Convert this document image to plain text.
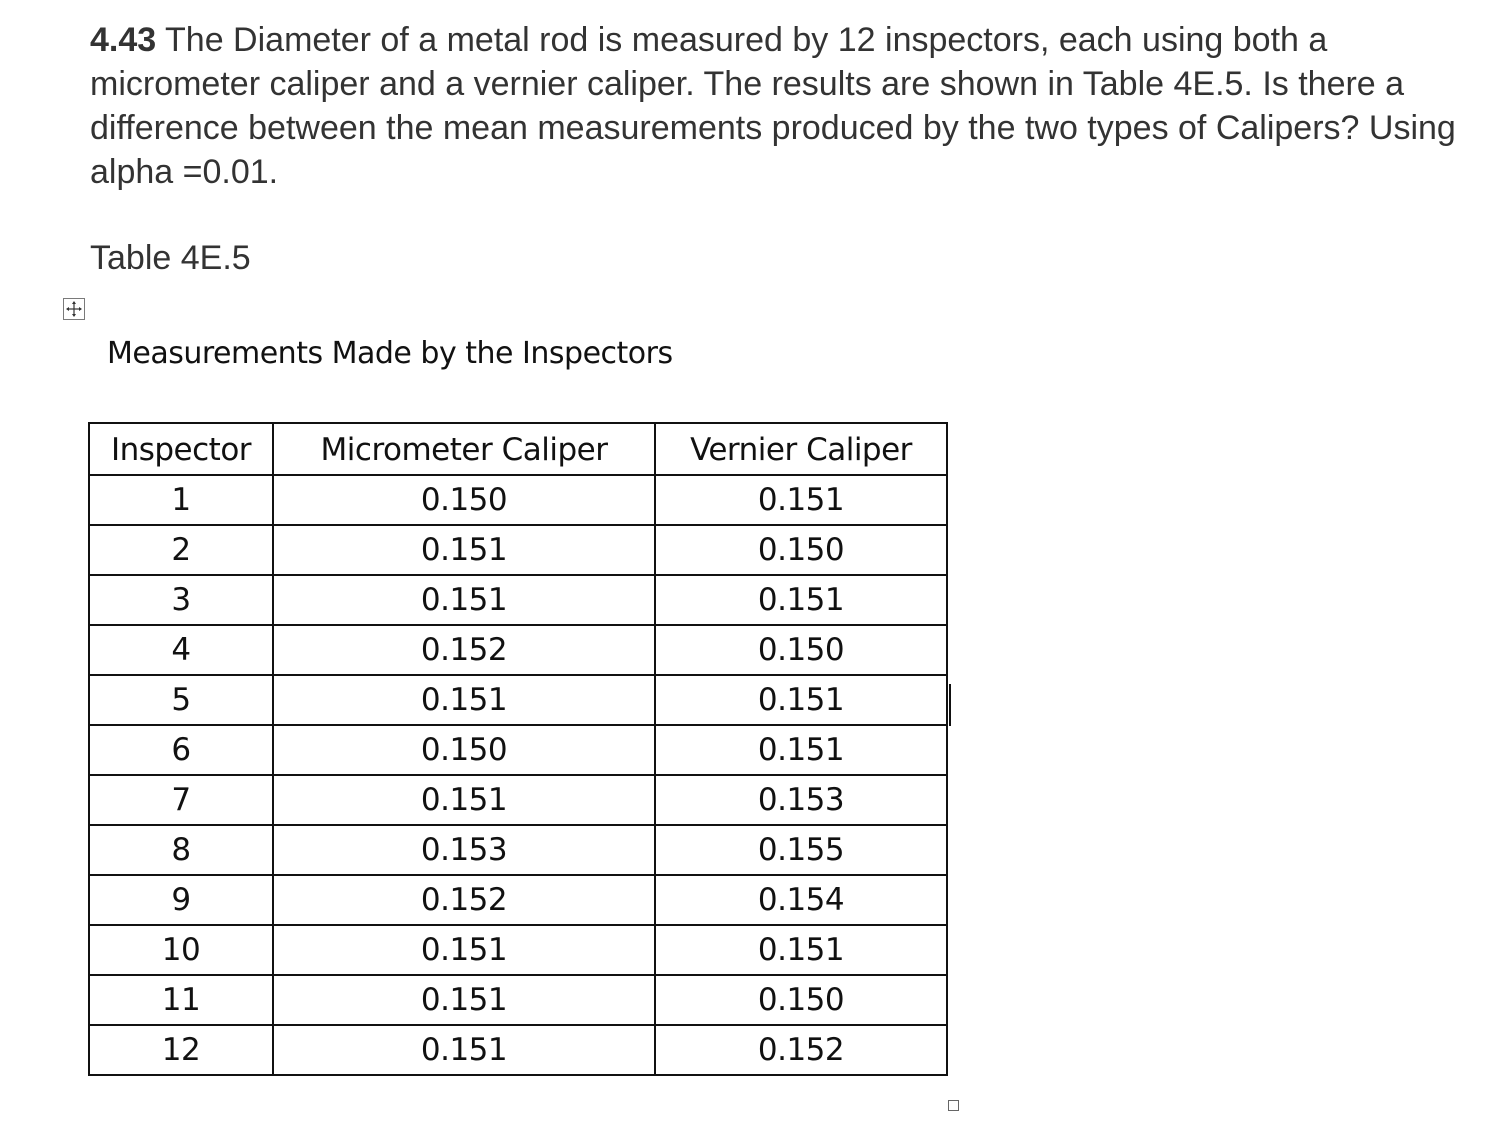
4.43 The Diameter of a metal rod is measured by 12 inspectors, each using both a micrometer caliper and a vernier caliper. The results are shown in Table 4E.5. Is there a difference between the mean measurements produced by the two types of Calipers? Using alpha =0.01.

Table 4E.5

Measurements Made by the Inspectors

Inspector	Micrometer Caliper	Vernier Caliper
1	0.150	0.151
2	0.151	0.150
3	0.151	0.151
4	0.152	0.150
5	0.151	0.151
6	0.150	0.151
7	0.151	0.153
8	0.153	0.155
9	0.152	0.154
10	0.151	0.151
11	0.151	0.150
12	0.151	0.152
